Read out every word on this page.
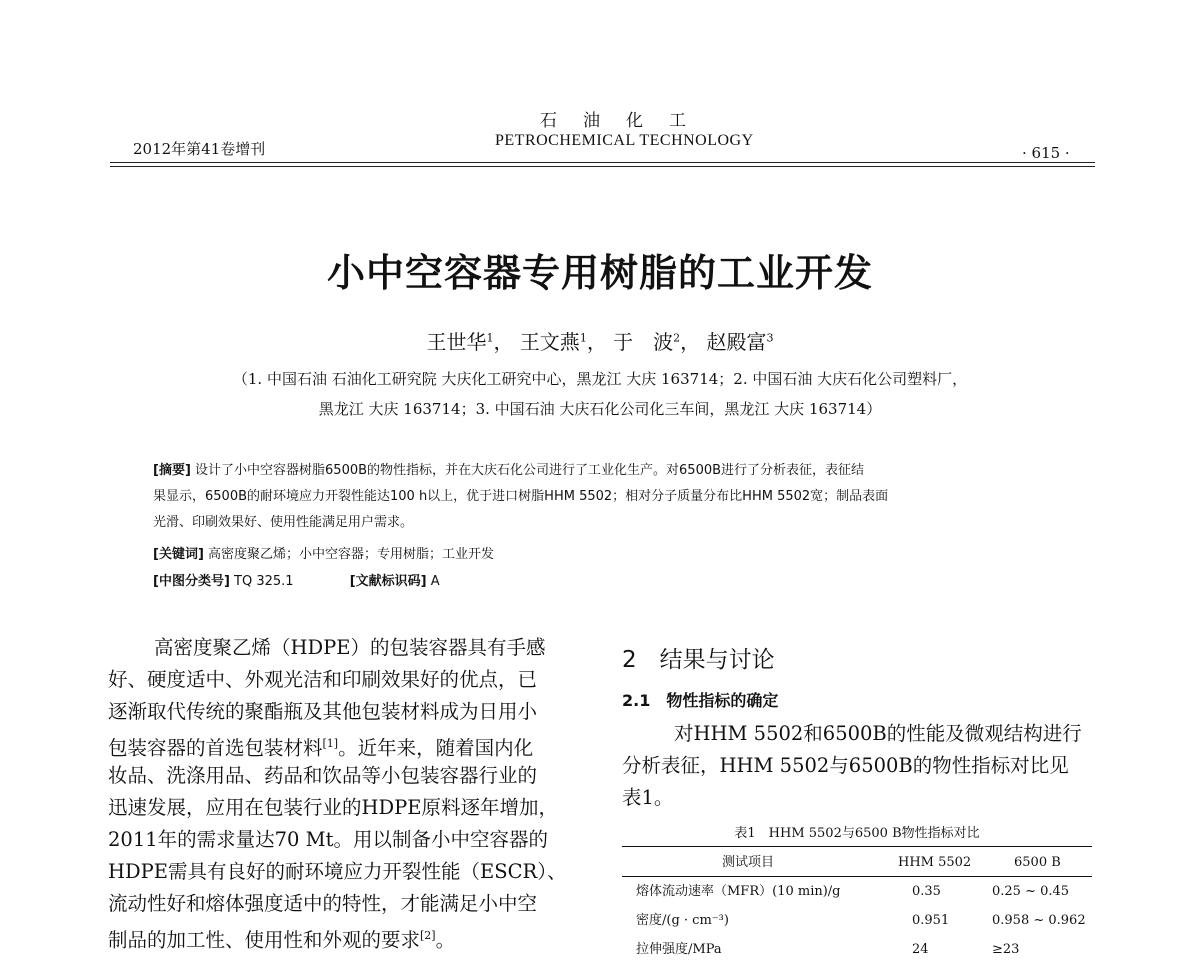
石油化工
PETROCHEMICAL TECHNOLOGY
2012年第41卷增刊	· 615 ·
小中空容器专用树脂的工业开发
王世华$^1$， 王文燕$^1$， 于　波$^2$， 赵殿富$^3$
（1. 中国石油 石油化工研究院 大庆化工研究中心，黑龙江 大庆 163714；2. 中国石油 大庆石化公司塑料厂，
黑龙江 大庆 163714；3. 中国石油 大庆石化公司化三车间，黑龙江 大庆 163714）
[摘要] 设计了小中空容器树脂6500B的物性指标，并在大庆石化公司进行了工业化生产。对6500B进行了分析表征，表征结
果显示，6500B的耐环境应力开裂性能达100 h以上，优于进口树脂HHM 5502；相对分子质量分布比HHM 5502宽；制品表面
光滑、印刷效果好、使用性能满足用户需求。
[关键词] 高密度聚乙烯；小中空容器；专用树脂；工业开发
[中图分类号] TQ 325.1	[文献标识码] A
高密度聚乙烯（HDPE）的包装容器具有手感
好、硬度适中、外观光洁和印刷效果好的优点，已
逐渐取代传统的聚酯瓶及其他包装材料成为日用小
包装容器的首选包装材料[1]。近年来，随着国内化
妆品、洗涤用品、药品和饮品等小包装容器行业的
迅速发展，应用在包装行业的HDPE原料逐年增加，
2011年的需求量达70 Mt。用以制备小中空容器的
HDPE需具有良好的耐环境应力开裂性能（ESCR）、
流动性好和熔体强度适中的特性，才能满足小中空
制品的加工性、使用性和外观的要求[2]。
2　结果与讨论
2.1　物性指标的确定
对HHM 5502和6500B的性能及微观结构进行
分析表征，HHM 5502与6500B的物性指标对比见
表1。
表1　HHM 5502与6500 B物性指标对比
测试项目	HHM 5502	6500 B
熔体流动速率（MFR）(10 min)/g	0.35	0.25 ~ 0.45
密度/(g · cm⁻³)	0.951	0.958 ~ 0.962
拉伸强度/MPa	24	≥23
